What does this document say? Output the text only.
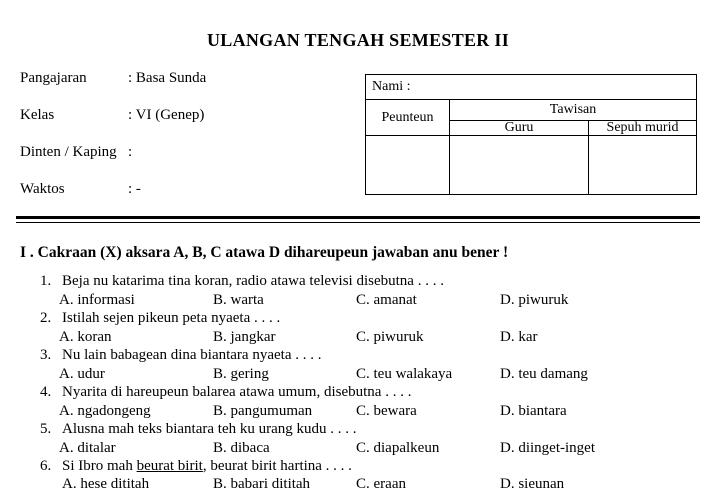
ULANGAN TENGAH SEMESTER II
Pangajaran	: Basa Sunda
Kelas	: VI (Genep)
Dinten / Kaping :
Waktos	: -
Nami :		
Peunteun	Tawisan	
	Guru	Sepuh murid

I . Cakraan (X) aksara A, B, C atawa D dihareupeun jawaban anu bener !
1. Beja nu katarima tina koran, radio atawa televisi disebutna . . . .
A. informasi	B. warta	C. amanat	D. piwuruk
2. Istilah sejen pikeun peta nyaeta . . . .
A. koran	B. jangkar	C. piwuruk	D. kar
3. Nu lain babagean dina biantara nyaeta . . . .
A. udur	B. gering	C. teu walakaya	D. teu damang
4. Nyarita di hareupeun balarea atawa umum, disebutna . . . .
A. ngadongeng	B. pangumuman	C. bewara	D. biantara
5. Alusna mah teks biantara teh ku urang kudu . . . .
A. ditalar	B. dibaca	C. diapalkeun	D. diinget-inget
6. Si Ibro mah beurat birit, beurat birit hartina . . . .
A. hese dititah	B. babari dititah	C. eraan	D. sieunan
